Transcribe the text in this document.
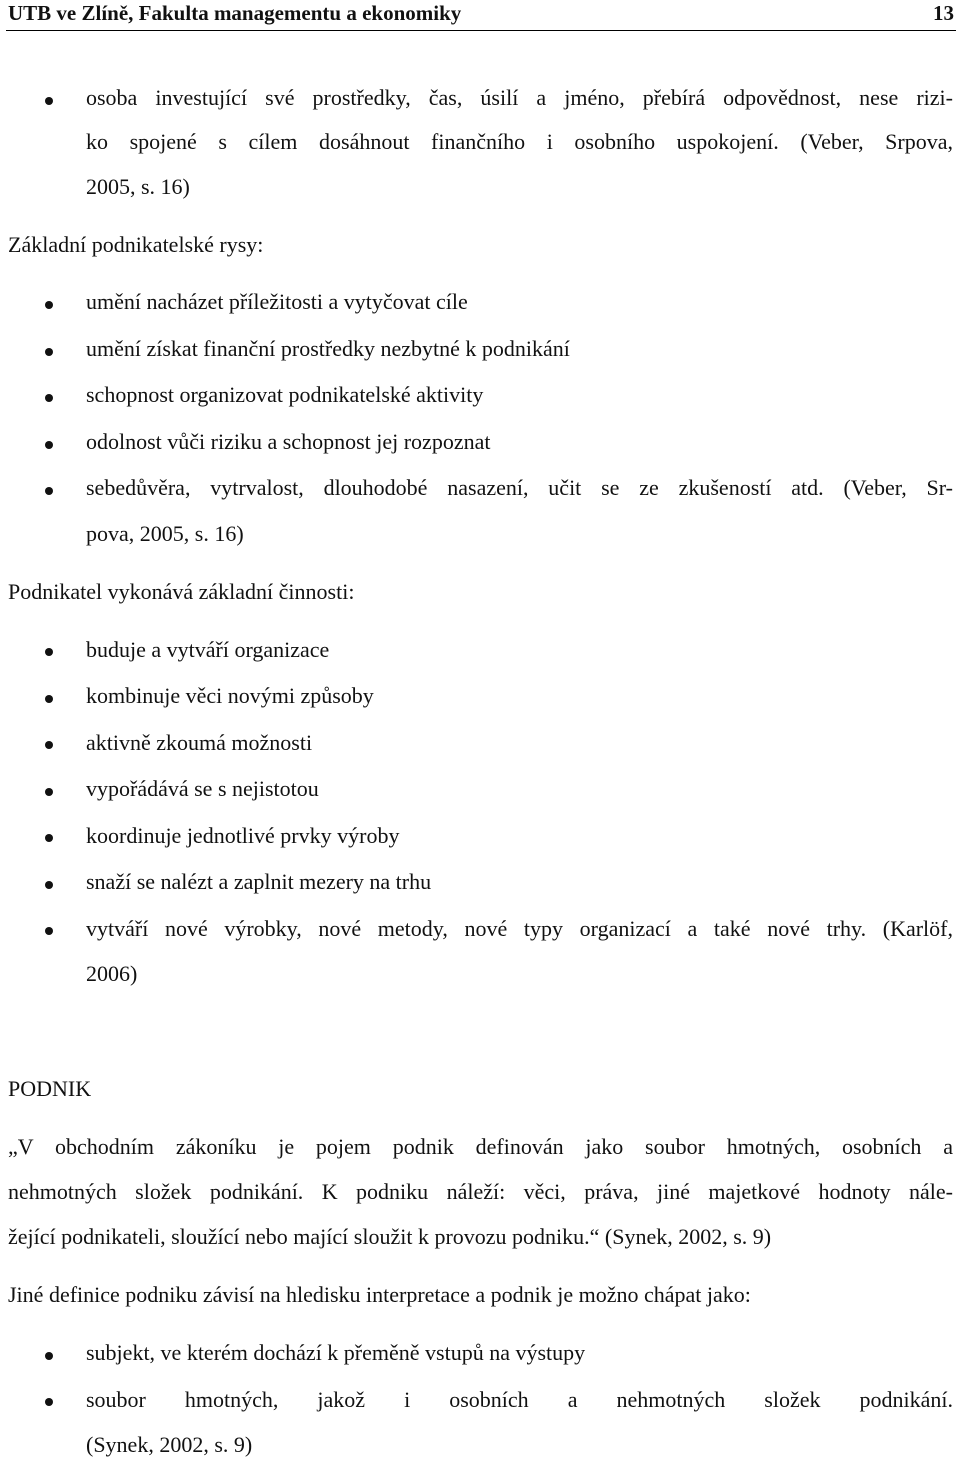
UTB ve Zlíně, Fakulta managementu a ekonomiky	13
osoba investující své prostředky, čas, úsilí a jméno, přebírá odpovědnost, nese rizi-
ko spojené s cílem dosáhnout finančního i osobního uspokojení. (Veber, Srpova,
2005, s. 16)
Základní podnikatelské rysy:
umění nacházet příležitosti a vytyčovat cíle
umění získat finanční prostředky nezbytné k podnikání
schopnost organizovat podnikatelské aktivity
odolnost vůči riziku a schopnost jej rozpoznat
sebedůvěra, vytrvalost, dlouhodobé nasazení, učit se ze zkušeností atd. (Veber, Sr-
pova, 2005, s. 16)
Podnikatel vykonává základní činnosti:
buduje a vytváří organizace
kombinuje věci novými způsoby
aktivně zkoumá možnosti
vypořádává se s nejistotou
koordinuje jednotlivé prvky výroby
snaží se nalézt a zaplnit mezery na trhu
vytváří nové výrobky, nové metody, nové typy organizací a také nové trhy. (Karlöf,
2006)
PODNIK
„V obchodním zákoníku je pojem podnik definován jako soubor hmotných, osobních a
nehmotných složek podnikání. K podniku náleží: věci, práva, jiné majetkové hodnoty nále-
žející podnikateli, sloužící nebo mající sloužit k provozu podniku.“ (Synek, 2002, s. 9)
Jiné definice podniku závisí na hledisku interpretace a podnik je možno chápat jako:
subjekt, ve kterém dochází k přeměně vstupů na výstupy
soubor hmotných, jakož i osobních a nehmotných složek podnikání.
(Synek, 2002, s. 9)
